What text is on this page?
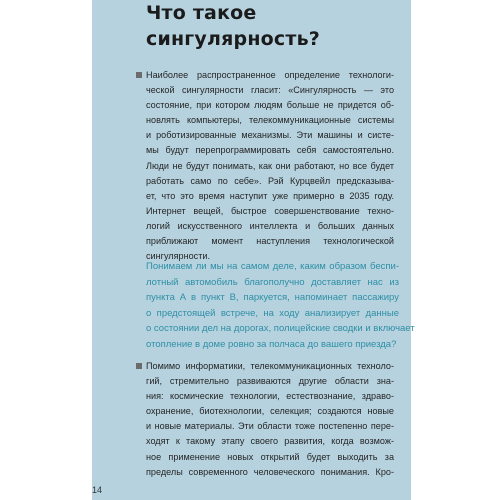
Что такое
сингулярность?

Наиболее распространенное определение технологи-
ческой сингулярности гласит: «Сингулярность — это
состояние, при котором людям больше не придется об-
новлять компьютеры, телекоммуникационные системы
и роботизированные механизмы. Эти машины и систе-
мы будут перепрограммировать себя самостоятельно.
Люди не будут понимать, как они работают, но все будет
работать само по себе». Рэй Курцвейл предсказыва-
ет, что это время наступит уже примерно в 2035 году.
Интернет вещей, быстрое совершенствование техно-
логий искусственного интеллекта и больших данных
приближают момент наступления технологической
сингулярности.

Понимаем ли мы на самом деле, каким образом беспи-
лотный автомобиль благополучно доставляет нас из
пункта А в пункт В, паркуется, напоминает пассажиру
о предстоящей встрече, на ходу анализирует данные
о состоянии дел на дорогах, полицейские сводки и включает
отопление в доме ровно за полчаса до вашего приезда?

Помимо информатики, телекоммуникационных техноло-
гий, стремительно развиваются другие области зна-
ния: космические технологии, естествознание, здраво-
охранение, биотехнологии, селекция; создаются новые
и новые материалы. Эти области тоже постепенно пере-
ходят к такому этапу своего развития, когда возмож-
ное применение новых открытий будет выходить за
пределы современного человеческого понимания. Кро-

14
